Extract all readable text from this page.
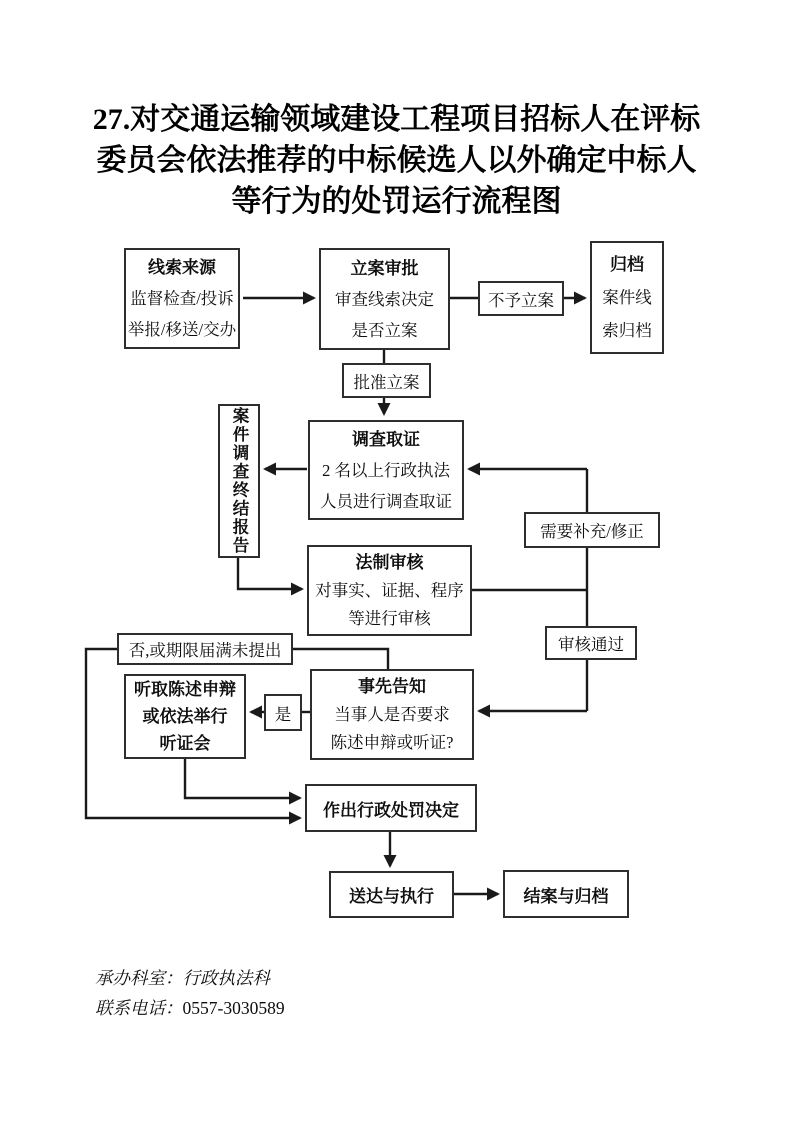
27.对交通运输领域建设工程项目招标人在评标
委员会依法推荐的中标候选人以外确定中标人
等行为的处罚运行流程图
线索来源
监督检查/投诉
举报/移送/交办
立案审批
审查线索决定
是否立案
不予立案
归档
案件线
索归档
批准立案
调查取证
2 名以上行政执法
人员进行调查取证
案件调查终结报告
法制审核
对事实、证据、程序
等进行审核
需要补充/修正
审核通过
否,或期限届满未提出
听取陈述申辩
或依法举行
听证会
是
事先告知
当事人是否要求
陈述申辩或听证?
作出行政处罚决定
送达与执行	结案与归档
承办科室：行政执法科
联系电话：0557-3030589
